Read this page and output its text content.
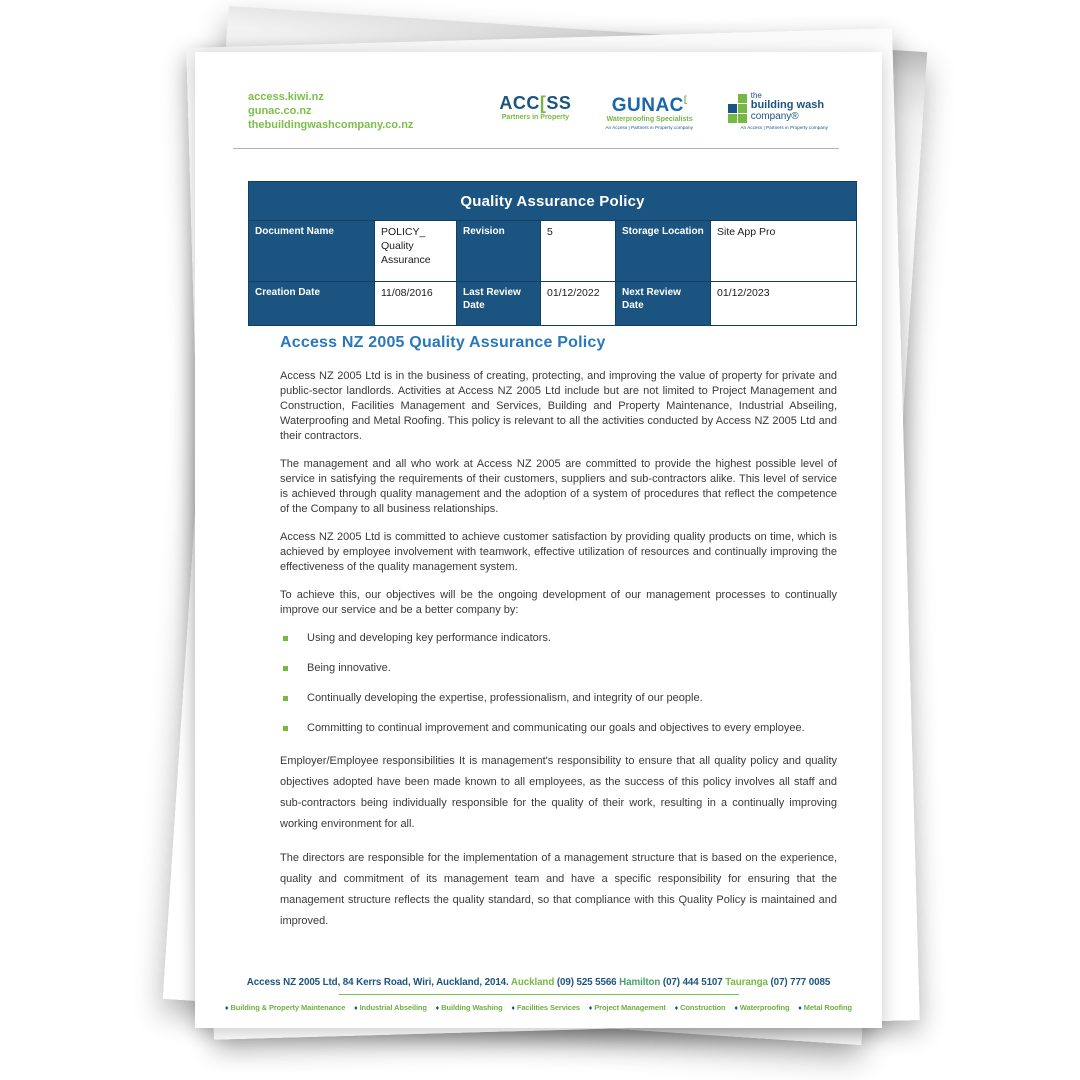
access.kiwi.nz
gunac.co.nz
thebuildingwashcompany.co.nz
ACC[SS
Partners in Property
GUNAC[
Waterproofing Specialists
An Access | Partners in Property company
the
building wash
company®
An Access | Partners in Property company
Quality Assurance Policy					
Document Name	POLICY_ Quality Assurance	Revision	5	Storage Location	Site App Pro
Creation Date	11/08/2016	Last Review Date	01/12/2022	Next Review Date	01/12/2023
Access NZ 2005 Quality Assurance Policy

Access NZ 2005 Ltd is in the business of creating, protecting, and improving the value of property for private and public-sector landlords. Activities at Access NZ 2005 Ltd include but are not limited to Project Management and Construction, Facilities Management and Services, Building and Property Maintenance, Industrial Abseiling, Waterproofing and Metal Roofing. This policy is relevant to all the activities conducted by Access NZ 2005 Ltd and their contractors.

The management and all who work at Access NZ 2005 are committed to provide the highest possible level of service in satisfying the requirements of their customers, suppliers and sub-contractors alike. This level of service is achieved through quality management and the adoption of a system of procedures that reflect the competence of the Company to all business relationships.

Access NZ 2005 Ltd is committed to achieve customer satisfaction by providing quality products on time, which is achieved by employee involvement with teamwork, effective utilization of resources and continually improving the effectiveness of the quality management system.

To achieve this, our objectives will be the ongoing development of our management processes to continually improve our service and be a better company by:

Using and developing key performance indicators.
Being innovative.
Continually developing the expertise, professionalism, and integrity of our people.
Committing to continual improvement and communicating our goals and objectives to every employee.

Employer/Employee responsibilities It is management's responsibility to ensure that all quality policy and quality objectives adopted have been made known to all employees, as the success of this policy involves all staff and sub-contractors being individually responsible for the quality of their work, resulting in a continually improving working environment for all.

The directors are responsible for the implementation of a management structure that is based on the experience, quality and commitment of its management team and have a specific responsibility for ensuring that the management structure reflects the quality standard, so that compliance with this Quality Policy is maintained and improved.

Access NZ 2005 Ltd, 84 Kerrs Road, Wiri, Auckland, 2014. Auckland (09) 525 5566 Hamilton (07) 444 5107 Tauranga (07) 777 0085
♦ Building & Property Maintenance ♦ Industrial Abseiling ♦ Building Washing ♦ Facilities Services ♦ Project Management ♦ Construction ♦ Waterproofing ♦ Metal Roofing
